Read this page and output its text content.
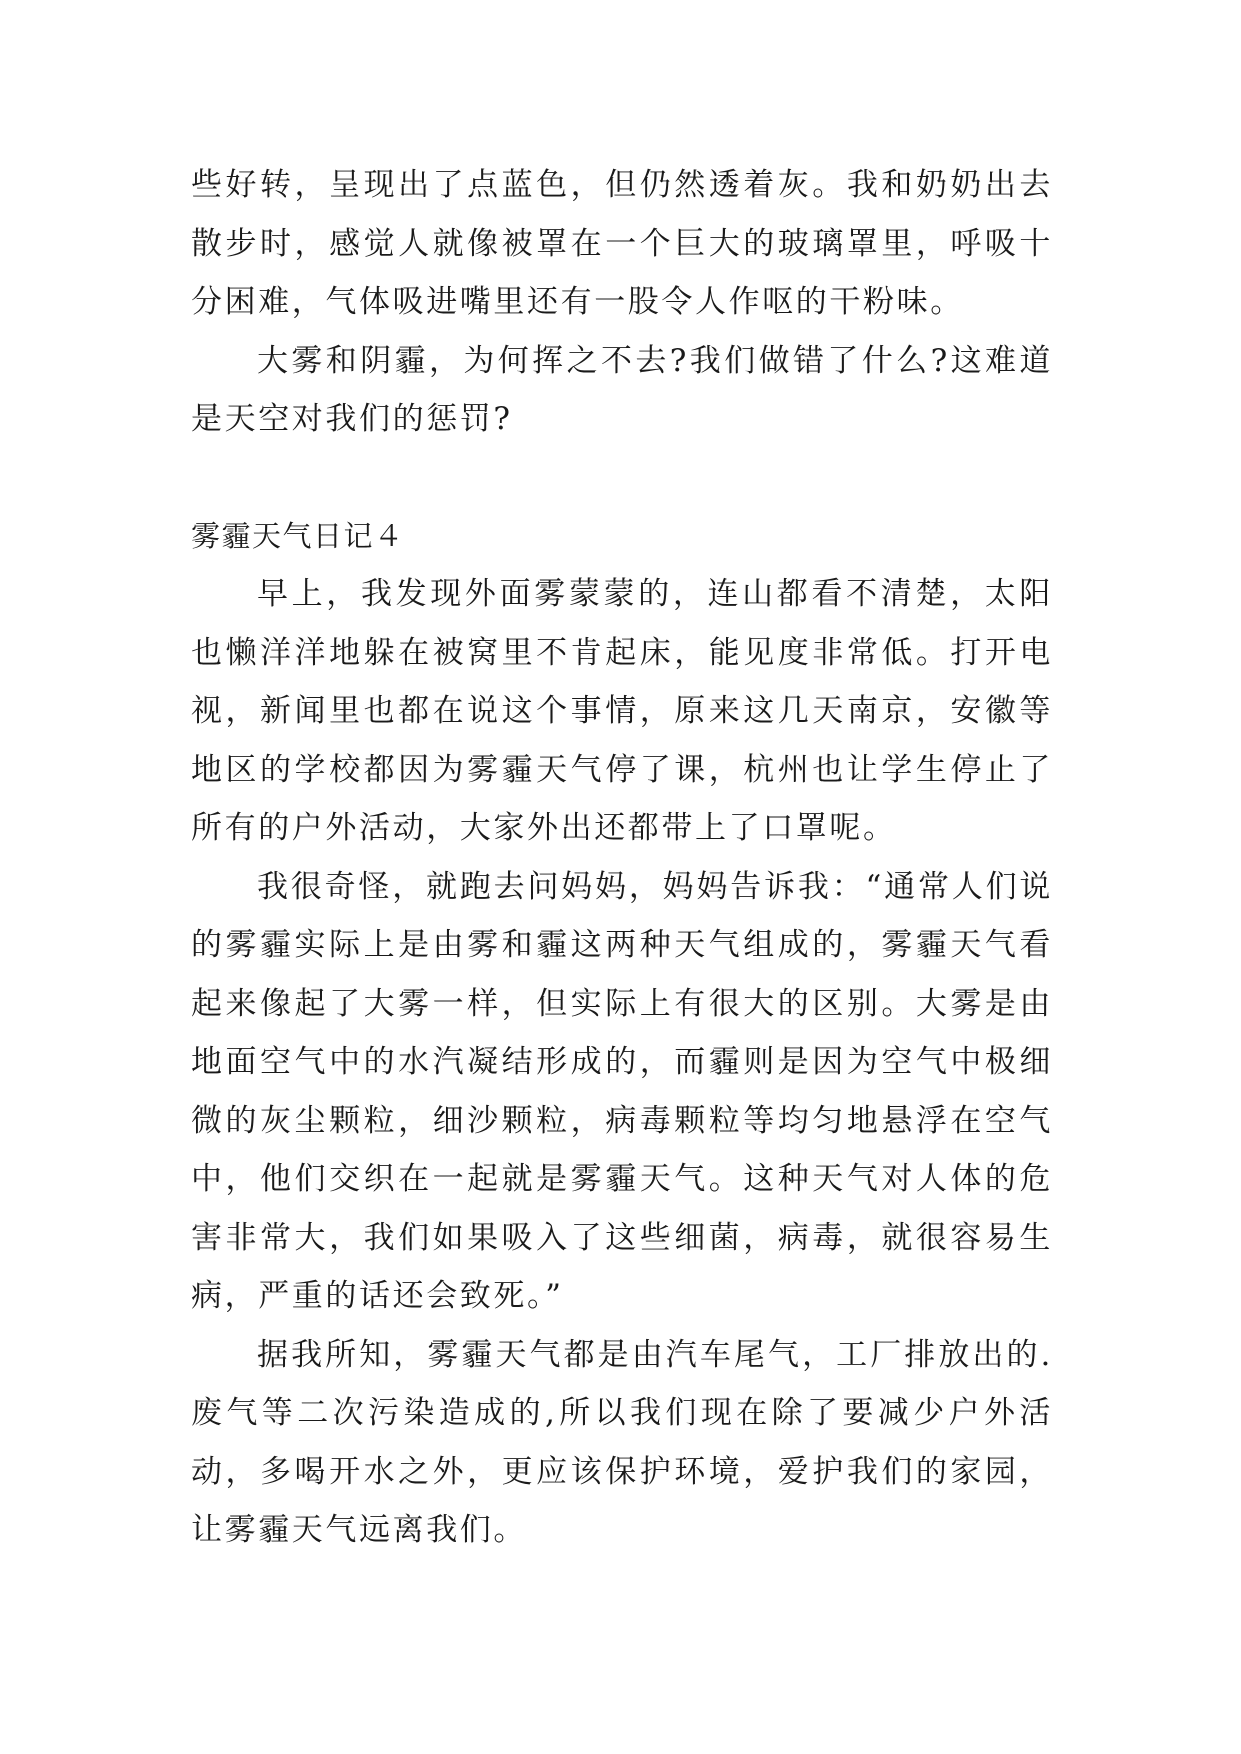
些好转，呈现出了点蓝色，但仍然透着灰。我和奶奶出去散步时，感觉人就像被罩在一个巨大的玻璃罩里，呼吸十分困难，气体吸进嘴里还有一股令人作呕的干粉味。

大雾和阴霾，为何挥之不去?我们做错了什么?这难道是天空对我们的惩罚?

雾霾天气日记４

早上，我发现外面雾蒙蒙的，连山都看不清楚，太阳也懒洋洋地躲在被窝里不肯起床，能见度非常低。打开电视，新闻里也都在说这个事情，原来这几天南京，安徽等地区的学校都因为雾霾天气停了课，杭州也让学生停止了所有的户外活动，大家外出还都带上了口罩呢。

我很奇怪，就跑去问妈妈，妈妈告诉我：“通常人们说的雾霾实际上是由雾和霾这两种天气组成的，雾霾天气看起来像起了大雾一样，但实际上有很大的区别。大雾是由地面空气中的水汽凝结形成的，而霾则是因为空气中极细微的灰尘颗粒，细沙颗粒，病毒颗粒等均匀地悬浮在空气中，他们交织在一起就是雾霾天气。这种天气对人体的危害非常大，我们如果吸入了这些细菌，病毒，就很容易生病，严重的话还会致死。”

据我所知，雾霾天气都是由汽车尾气，工厂排放出的.废气等二次污染造成的,所以我们现在除了要减少户外活动，多喝开水之外，更应该保护环境，爱护我们的家园，让雾霾天气远离我们。
